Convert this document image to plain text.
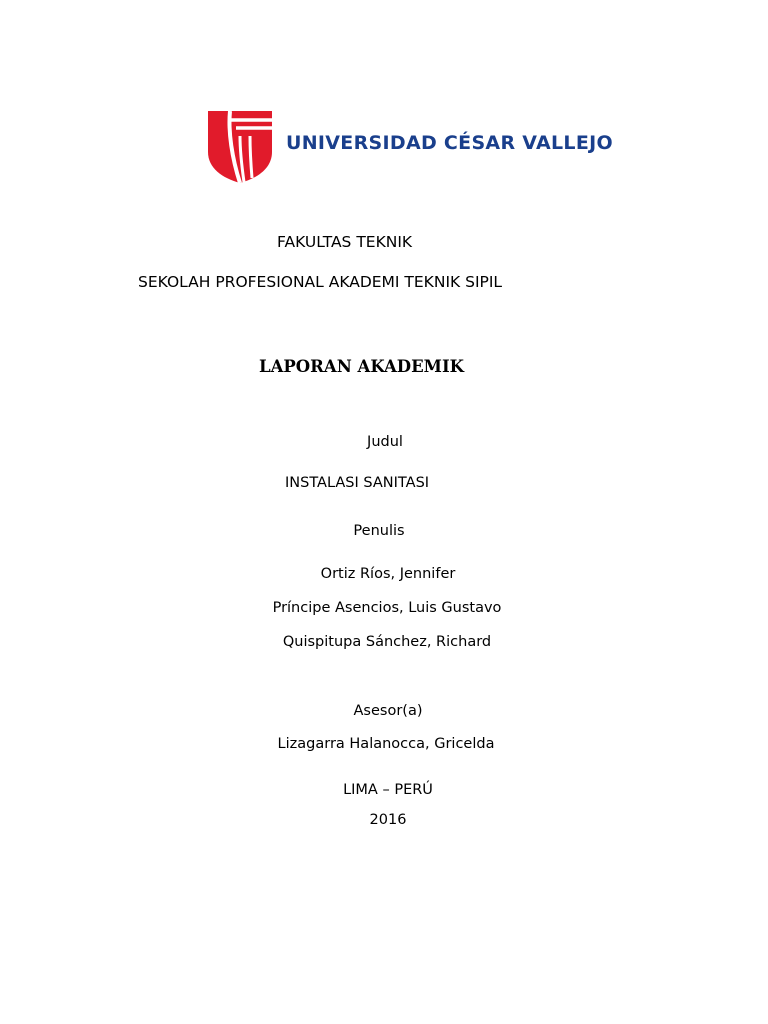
UNIVERSIDAD CÉSAR VALLEJO
FAKULTAS TEKNIK
SEKOLAH PROFESIONAL AKADEMI TEKNIK SIPIL
LAPORAN AKADEMIK
Judul
INSTALASI SANITASI
Penulis
Ortiz Ríos, Jennifer
Príncipe Asencios, Luis Gustavo
Quispitupa Sánchez, Richard
Asesor(a)
Lizagarra Halanocca, Gricelda
LIMA – PERÚ
2016
